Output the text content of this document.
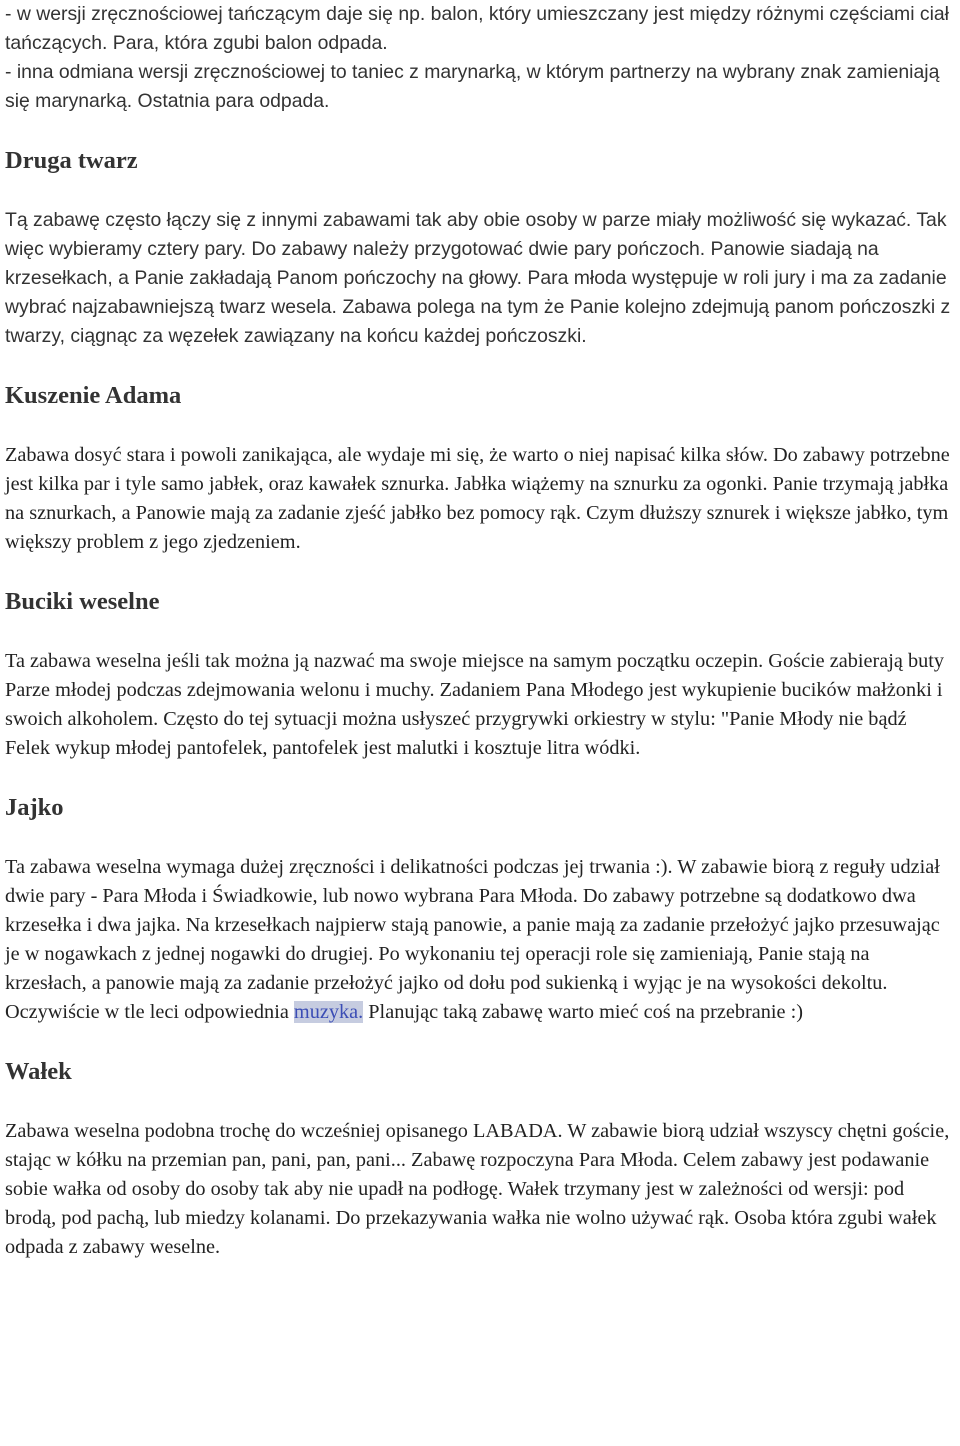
- w wersji zręcznościowej tańczącym daje się np. balon, który umieszczany jest między różnymi częściami ciał tańczących. Para, która zgubi balon odpada.

- inna odmiana wersji zręcznościowej to taniec z marynarką, w którym partnerzy na wybrany znak zamieniają się marynarką. Ostatnia para odpada.

Druga twarz

Tą zabawę często łączy się z innymi zabawami tak aby obie osoby w parze miały możliwość się wykazać. Tak więc wybieramy cztery pary. Do zabawy należy przygotować dwie pary pończoch. Panowie siadają na krzesełkach, a Panie zakładają Panom pończochy na głowy. Para młoda występuje w roli jury i ma za zadanie wybrać najzabawniejszą twarz wesela. Zabawa polega na tym że Panie kolejno zdejmują panom pończoszki z twarzy, ciągnąc za węzełek zawiązany na końcu każdej pończoszki.

Kuszenie Adama

Zabawa dosyć stara i powoli zanikająca, ale wydaje mi się, że warto o niej napisać kilka słów. Do zabawy potrzebne jest kilka par i tyle samo jabłek, oraz kawałek sznurka. Jabłka wiążemy na sznurku za ogonki. Panie trzymają jabłka na sznurkach, a Panowie mają za zadanie zjeść jabłko bez pomocy rąk. Czym dłuższy sznurek i większe jabłko, tym większy problem z jego zjedzeniem.

Buciki weselne

Ta zabawa weselna jeśli tak można ją nazwać ma swoje miejsce na samym początku oczepin. Goście zabierają buty Parze młodej podczas zdejmowania welonu i muchy. Zadaniem Pana Młodego jest wykupienie bucików małżonki i swoich alkoholem. Często do tej sytuacji można usłyszeć przygrywki orkiestry w stylu: "Panie Młody nie bądź Felek wykup młodej pantofelek, pantofelek jest malutki i kosztuje litra wódki.

Jajko

Ta zabawa weselna wymaga dużej zręczności i delikatności podczas jej trwania :). W zabawie biorą z reguły udział dwie pary - Para Młoda i Świadkowie, lub nowo wybrana Para Młoda. Do zabawy potrzebne są dodatkowo dwa krzesełka i dwa jajka. Na krzesełkach najpierw stają panowie, a panie mają za zadanie przełożyć jajko przesuwając je w nogawkach z jednej nogawki do drugiej. Po wykonaniu tej operacji role się zamieniają, Panie stają na krzesłach, a panowie mają za zadanie przełożyć jajko od dołu pod sukienką i wyjąc je na wysokości dekoltu. Oczywiście w tle leci odpowiednia muzyka. Planując taką zabawę warto mieć coś na przebranie :)

Wałek

Zabawa weselna podobna trochę do wcześniej opisanego LABADA. W zabawie biorą udział wszyscy chętni goście, stając w kółku na przemian pan, pani, pan, pani... Zabawę rozpoczyna Para Młoda. Celem zabawy jest podawanie sobie wałka od osoby do osoby tak aby nie upadł na podłogę. Wałek trzymany jest w zależności od wersji: pod brodą, pod pachą, lub miedzy kolanami. Do przekazywania wałka nie wolno używać rąk. Osoba która zgubi wałek odpada z zabawy weselne.
